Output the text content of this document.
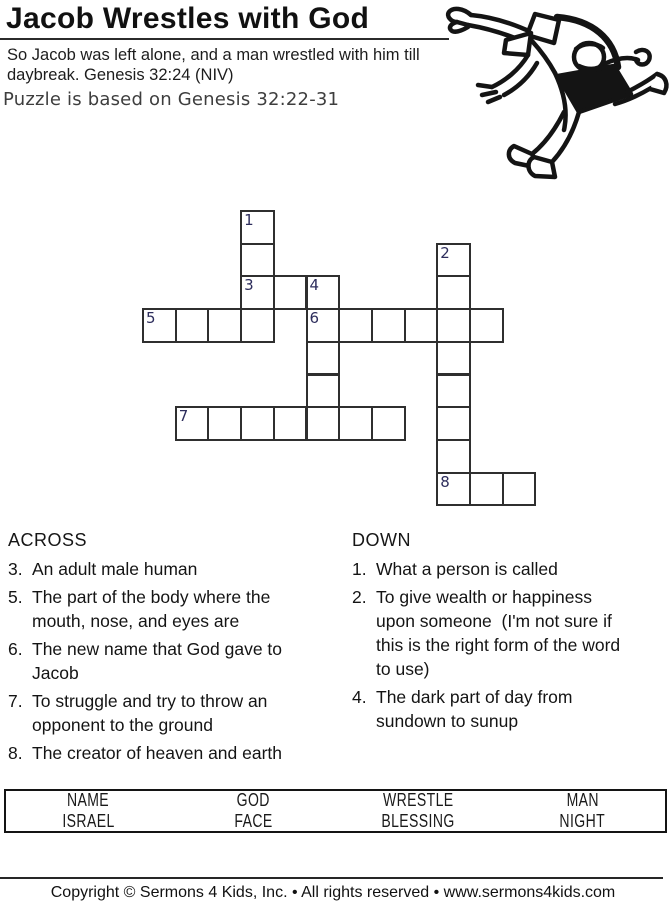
Jacob Wrestles with God
So Jacob was left alone, and a man wrestled with him till
daybreak. Genesis 32:24 (NIV)
Puzzle is based on Genesis 32:22-31
1
2
3	4
5	6
7
8
ACROSS	DOWN
3. An adult male human
5. The part of the body where the
mouth, nose, and eyes are
6. The new name that God gave to
Jacob
7. To struggle and try to throw an
opponent to the ground
8. The creator of heaven and earth
1. What a person is called
2. To give wealth or happiness
upon someone  (I'm not sure if
this is the right form of the word
to use)
4. The dark part of day from
sundown to sunup
NAME	GOD	WRESTLE	MAN
ISRAEL	FACE	BLESSING	NIGHT
Copyright © Sermons 4 Kids, Inc. • All rights reserved • www.sermons4kids.com
